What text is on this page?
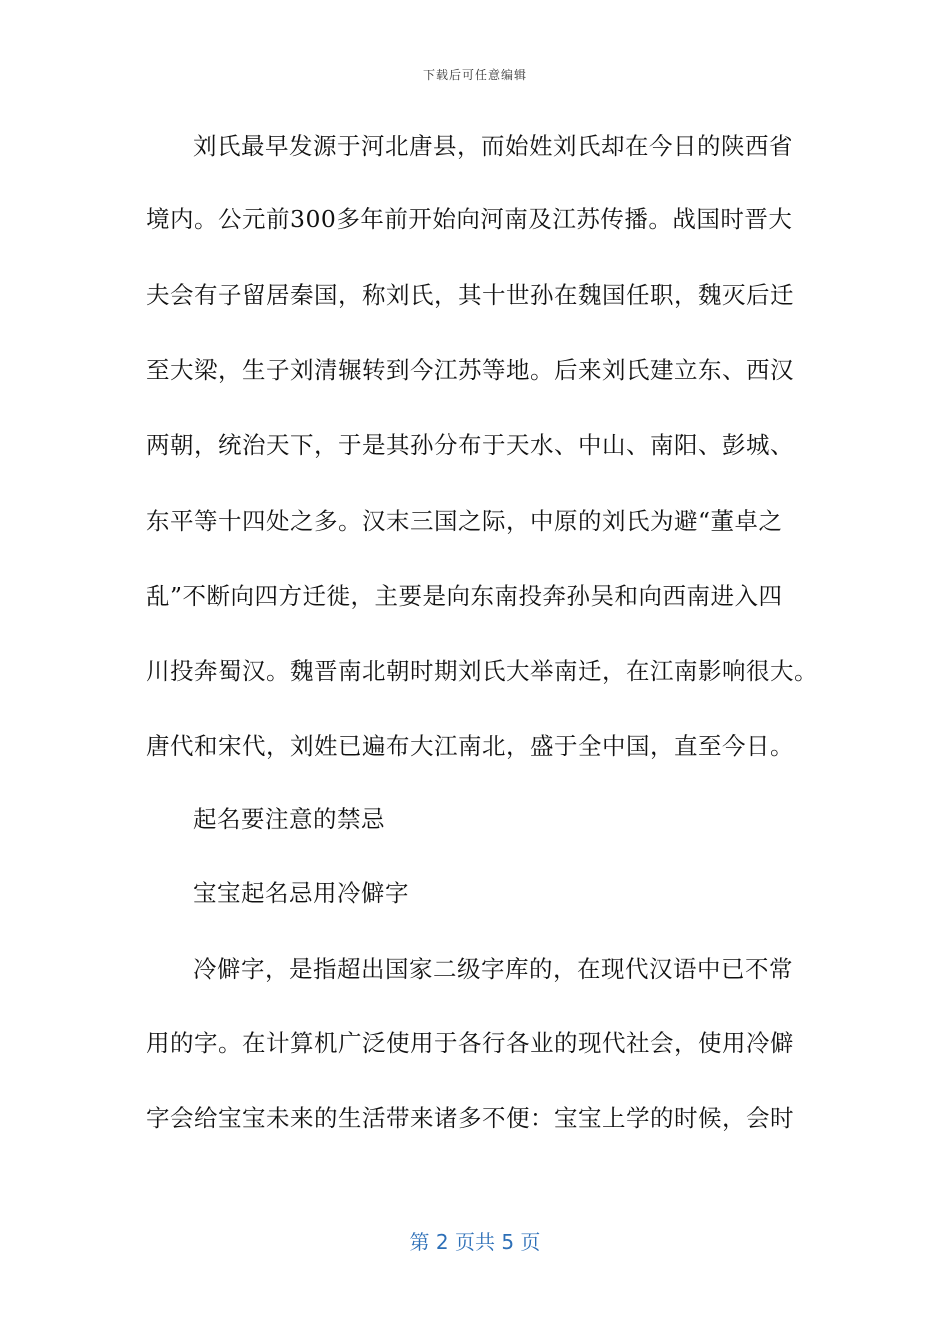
下载后可任意编辑
刘氏最早发源于河北唐县，而始姓刘氏却在今日的陕西省
境内。公元前300多年前开始向河南及江苏传播。战国时晋大
夫会有子留居秦国，称刘氏，其十世孙在魏国任职，魏灭后迁
至大梁，生子刘清辗转到今江苏等地。后来刘氏建立东、西汉
两朝，统治天下，于是其孙分布于天水、中山、南阳、彭城、
东平等十四处之多。汉末三国之际，中原的刘氏为避“董卓之
乱”不断向四方迁徙，主要是向东南投奔孙吴和向西南进入四
川投奔蜀汉。魏晋南北朝时期刘氏大举南迁，在江南影响很大。
唐代和宋代，刘姓已遍布大江南北，盛于全中国，直至今日。
起名要注意的禁忌
宝宝起名忌用冷僻字
冷僻字，是指超出国家二级字库的，在现代汉语中已不常
用的字。在计算机广泛使用于各行各业的现代社会，使用冷僻
字会给宝宝未来的生活带来诸多不便：宝宝上学的时候，会时
第 2 页共 5 页
